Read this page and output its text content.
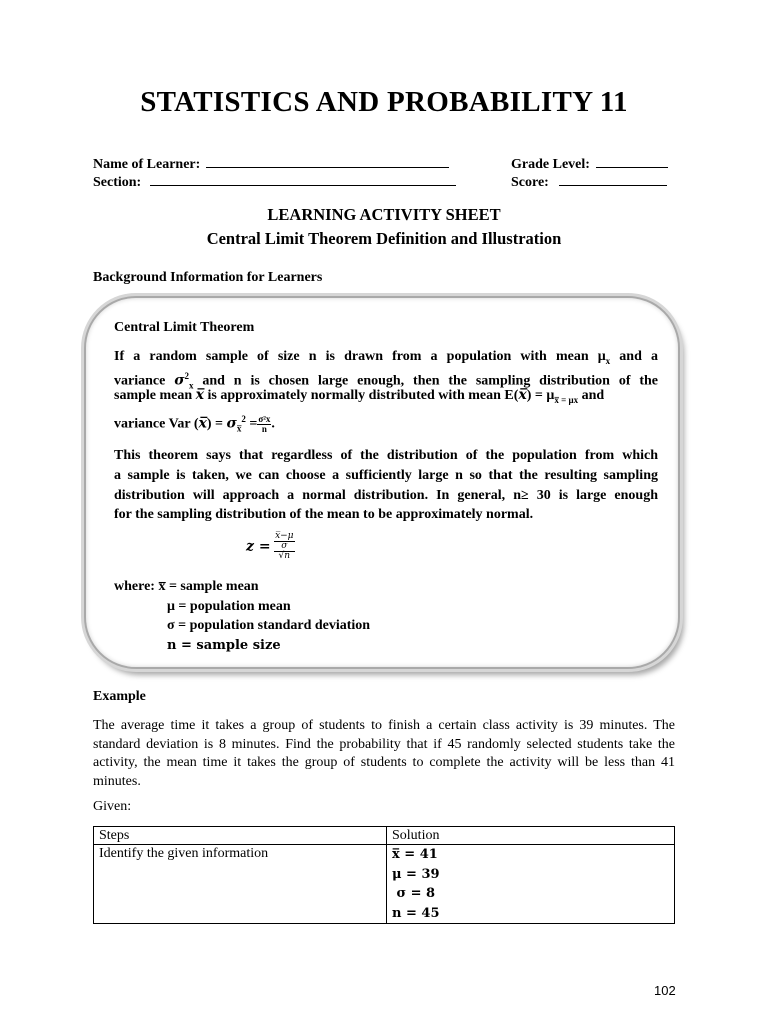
STATISTICS AND PROBABILITY 11
Name of Learner:	Grade Level:
Section:	Score:
LEARNING ACTIVITY SHEET
Central Limit Theorem Definition and Illustration
Background Information for Learners
Central Limit Theorem
If a random sample of size n is drawn from a population with mean $\mu_x$ and a
variance $\sigma^2_x$ and n is chosen large enough, then the sampling distribution of the
sample mean x̅ is approximately normally distributed with mean E(x̅) = $\mu_{x̅ = \mu x}$ and
variance Var (x̅) = $\sigma_{x̅}^2 = \frac{\text{σ²x}}{n}$ .
This theorem says that regardless of the distribution of the population from which
a sample is taken, we can choose a sufficiently large n so that the resulting sampling
distribution will approach a normal distribution. In general, n≥ 30 is large enough
for the sampling distribution of the mean to be approximately normal.
z =
x̅−μ
σ
√n
where: x̅ = sample mean
μ = population mean
σ = population standard deviation
n = sample size
Example
The average time it takes a group of students to finish a certain class activity is 39 minutes. The standard deviation is 8 minutes. Find the probability that if 45 randomly selected students take the activity, the mean time it takes the group of students to complete the activity will be less than 41 minutes.
Given:
Steps	Solution
Identify the given information	x̅ = 41
μ = 39
σ = 8
n = 45
102
